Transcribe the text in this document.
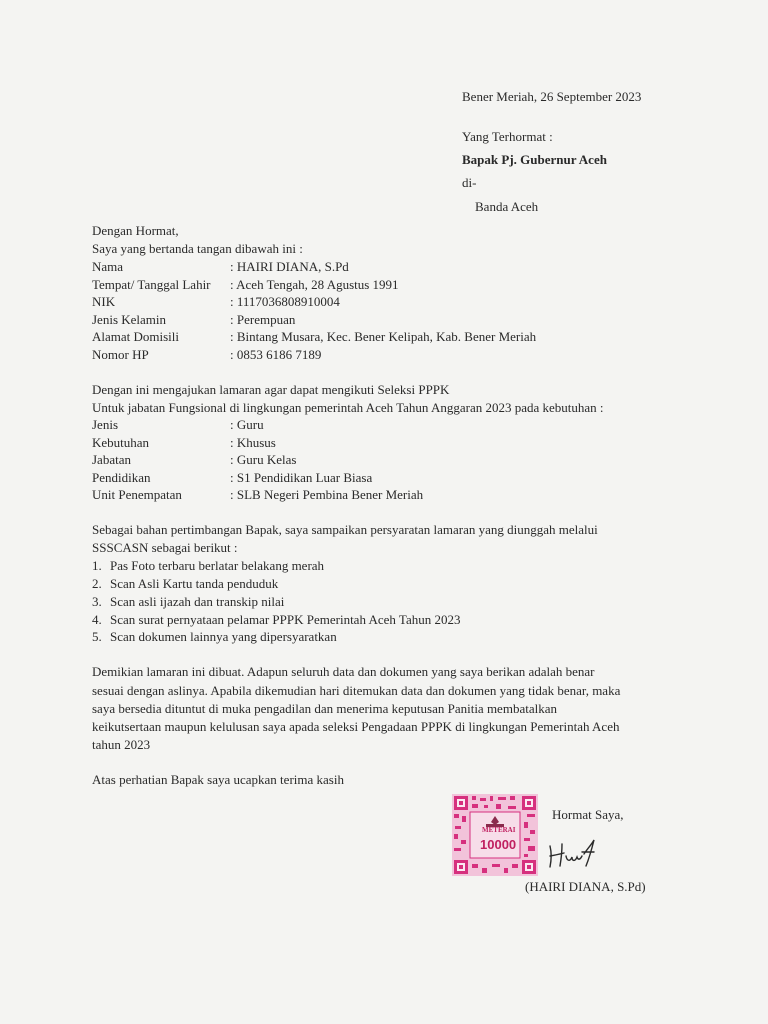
Bener Meriah, 26 September 2023
Yang Terhormat :
Bapak Pj. Gubernur Aceh
di-
Banda Aceh
Dengan Hormat,
Saya yang bertanda tangan dibawah ini :
Nama	: HAIRI DIANA, S.Pd
Tempat/ Tanggal Lahir : Aceh Tengah, 28 Agustus 1991
NIK	: 1117036808910004
Jenis Kelamin	: Perempuan
Alamat Domisili	: Bintang Musara, Kec. Bener Kelipah, Kab. Bener Meriah
Nomor HP	: 0853 6186 7189
Dengan ini mengajukan lamaran agar dapat mengikuti Seleksi PPPK
Untuk jabatan Fungsional di lingkungan pemerintah Aceh Tahun Anggaran 2023 pada kebutuhan :
Jenis	: Guru
Kebutuhan	: Khusus
Jabatan	: Guru Kelas
Pendidikan	: S1 Pendidikan Luar Biasa
Unit Penempatan	: SLB Negeri Pembina Bener Meriah
Sebagai bahan pertimbangan Bapak, saya sampaikan persyaratan lamaran yang diunggah melalui
SSSCASN sebagai berikut :
1. Pas Foto terbaru berlatar belakang merah
2. Scan Asli Kartu tanda penduduk
3. Scan asli ijazah dan transkip nilai
4. Scan surat pernyataan pelamar PPPK Pemerintah Aceh Tahun 2023
5. Scan dokumen lainnya yang dipersyaratkan
Demikian lamaran ini dibuat. Adapun seluruh data dan dokumen yang saya berikan adalah benar
sesuai dengan aslinya. Apabila dikemudian hari ditemukan data dan dokumen yang tidak benar, maka
saya bersedia dituntut di muka pengadilan dan menerima keputusan Panitia membatalkan
keikutsertaan maupun kelulusan saya apada seleksi Pengadaan PPPK di lingkungan Pemerintah Aceh
tahun 2023
Atas perhatian Bapak saya ucapkan terima kasih
Hormat Saya,
METERAI
10000
(HAIRI DIANA, S.Pd)
